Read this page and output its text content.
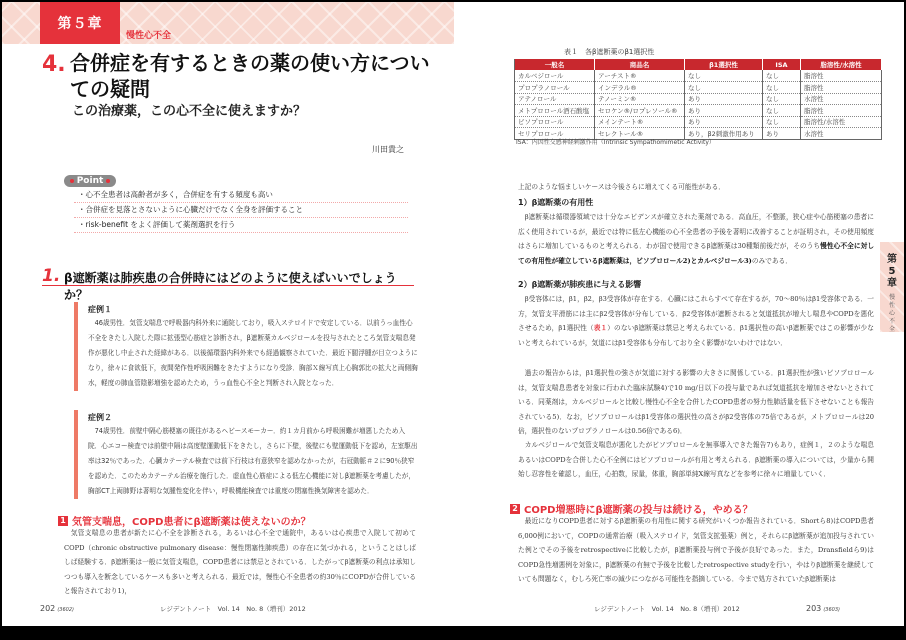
第５章
慢性心不全
4. 合併症を有するときの薬の使い方についての疑問
この治療薬，この心不全に使えますか？
川田貴之
Point
・心不全患者は高齢者が多く，合併症を有する頻度も高い
・合併症を見落とさないように心臓だけでなく全身を評価すること
・risk-benefit をよく評価して薬剤選択を行う
1. β遮断薬は肺疾患の合併時にはどのように使えばいいでしょうか？
症例１
46歳男性．気管支喘息で呼吸器内科外来に通院しており，吸入ステロイドで安定している．以前うっ血性心不全をきたし入院した際に拡張型心筋症と診断され，β遮断薬カルベジロールを投与されたところ気管支喘息発作が悪化し中止された経緯がある．以後循環器内科外来でも経過観察されていた．最近下腿浮腫が目立つようになり，徐々に食欲低下，夜間発作性呼吸困難をきたすようになり受診．胸部Ｘ線写真上心胸郭比の拡大と両側胸水，軽度の肺血管陰影増強を認めたため，うっ血性心不全と判断され入院となった．
症例２
74歳男性．前壁中隔心筋梗塞の既往があるヘビースモーカー．約１カ月前から呼吸困難が増悪したため入院．心エコー検査では前壁中隔は高度壁運動低下をきたし，さらに下壁，後壁にも壁運動低下を認め，左室駆出率は32％であった．心臓カテーテル検査では前下行枝は有意狭窄を認めなかったが，右冠動脈＃２に90％狭窄を認めた．このためカテーテル治療を施行した．虚血性心筋症による低左心機能に対しβ遮断薬を考慮したが，胸部CT上両肺野は著明な気腫性変化を伴い，呼吸機能検査では重度の閉塞性換気障害を認めた．
1 気管支喘息，COPD患者にβ遮断薬は使えないのか？
気管支喘息の患者が新たに心不全を診断される，あるいは心不全で通院中，あるいは心疾患で入院して初めてCOPD（chronic obstructive pulmonary disease：慢性閉塞性肺疾患）の存在に気づかれる，ということはしばしば経験する．β遮断薬は一般に気管支喘息，COPD患者には禁忌とされている．したがってβ遮断薬の利点は承知しつつも導入を断念しているケースも多いと考えられる．最近では，慢性心不全患者の約30％にCOPDが合併していると報告されており1)，
202 (3602)	レジデントノート　Vol. 14　No. 8（増刊）2012
表１　各β遮断薬のβ1選択性
一般名	商品名	β1選択性	ISA	脂溶性/水溶性
カルベジロール	アーチスト®	なし	なし	脂溶性
プロプラノロール	インデラル®	なし	なし	脂溶性
アテノロール	テノーミン®	あり	なし	水溶性
メトプロロール酒石酸塩	セロケン®/ロプレソール®	あり	なし	脂溶性
ビソプロロール	メインテート®	あり	なし	脂溶性/水溶性
セリプロロール	セレクトール®	あり，β2刺激作用あり	あり	水溶性
ISA：内因性交感神経刺激作用（Intrinsic Sympathomimetic Activity）
上記のような悩ましいケースは今後さらに増えてくる可能性がある．
1）β遮断薬の有用性
β遮断薬は循環器領域では十分なエビデンスが確立された薬剤である．高血圧，不整脈，狭心症や心筋梗塞の患者に広く使用されているが，最近では特に低左心機能の心不全患者の予後を著明に改善することが証明され，その使用頻度はさらに増加しているものと考えられる．わが国で使用できるβ遮断薬は30種類前後だが，そのうち慢性心不全に対しての有用性が確立しているβ遮断薬は，ビソプロロール2)とカルベジロール3)のみである．
2）β遮断薬が肺疾患に与える影響
β受容体には，β1，β2，β3受容体が存在する．心臓にはこれらすべて存在するが，70～80％はβ1受容体である．一方，気管支平滑筋には主にβ2受容体が分布している．β2受容体が遮断されると気道抵抗が増大し喘息やCOPDを悪化させるため，β1選択性（表１）のないβ遮断薬は禁忌と考えられている．β1選択性の高いβ遮断薬ではこの影響が少ないと考えられているが，気道にはβ1受容体も分布しており全く影響がないわけではない．
過去の報告からは，β1選択性の強さが気道に対する影響の大きさに関係している．β1選択性が強いビソプロロールは，気管支喘息患者を対象に行われた臨床試験4)で10 mg/日以下の投与量であれば気道抵抗を増加させないとされている．同薬剤は，カルベジロールと比較し慢性心不全を合併したCOPD患者の努力性肺活量を低下させないことも報告されている5)．なお，ビソプロロールはβ1受容体の選択性の高さがβ2受容体の75倍であるが，メトプロロールは20倍，選択性のないプロプラノロールは0.56倍である6)．
カルベジロールで気管支喘息が悪化したがビソプロロールを無事導入できた報告7)もあり，症例１，２のような喘息あるいはCOPDを合併した心不全例にはビソプロロールが有用と考えられる．β遮断薬の導入については，少量から開始し忍容性を確認し，血圧，心拍数，尿量，体重，胸部単純X線写真などを参考に徐々に増量していく．
2 COPD増悪時にβ遮断薬の投与は続ける，やめる？
最近になりCOPD患者に対するβ遮断薬の有用性に関する研究がいくつか報告されている．Shortら8)はCOPD患者6,000例において，COPDの通常治療（吸入ステロイド，気管支拡張薬）例と，それらにβ遮断薬が追加投与されていた例とでその予後をretrospectiveに比較したが，β遮断薬投与例で予後が良好であった．また，Dransfieldら9)はCOPD急性増悪例を対象に，β遮断薬の有無で予後を比較したretrospective studyを行い，やはりβ遮断薬を継続していても問題なく，むしろ死亡率の減少につながる可能性を指摘している．今まで処方されていたβ遮断薬は
第5章
慢性心不全
レジデントノート　Vol. 14　No. 8（増刊）2012	203 (3603)
